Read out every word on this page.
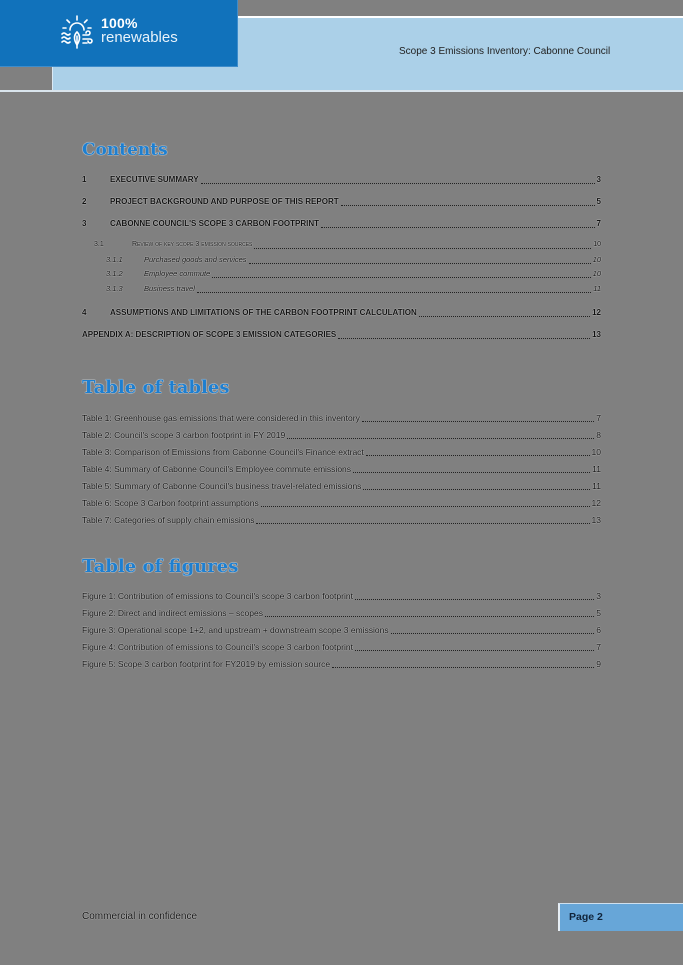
100%
renewables
Scope 3 Emissions Inventory: Cabonne Council
Contents
1	EXECUTIVE SUMMARY	3
2	PROJECT BACKGROUND AND PURPOSE OF THIS REPORT	5
3	CABONNE COUNCIL'S SCOPE 3 CARBON FOOTPRINT	7
3.1	Review of key scope 3 emission sources	10
3.1.1	Purchased goods and services	10
3.1.2	Employee commute	10
3.1.3	Business travel	11
4	ASSUMPTIONS AND LIMITATIONS OF THE CARBON FOOTPRINT CALCULATION	12
APPENDIX A: DESCRIPTION OF SCOPE 3 EMISSION CATEGORIES	13
Table of tables
Table 1: Greenhouse gas emissions that were considered in this inventory	7
Table 2: Council's scope 3 carbon footprint in FY 2019	8
Table 3: Comparison of Emissions from Cabonne Council's Finance extract	10
Table 4: Summary of Cabonne Council's Employee commute emissions	11
Table 5: Summary of Cabonne Council's business travel-related emissions	11
Table 6: Scope 3 Carbon footprint assumptions	12
Table 7: Categories of supply chain emissions	13
Table of figures
Figure 1: Contribution of emissions to Council's scope 3 carbon footprint	3
Figure 2: Direct and indirect emissions – scopes	5
Figure 3: Operational scope 1+2, and upstream + downstream scope 3 emissions	6
Figure 4: Contribution of emissions to Council's scope 3 carbon footprint	7
Figure 5: Scope 3 carbon footprint for FY2019 by emission source	9
Commercial in confidence	Page 2
